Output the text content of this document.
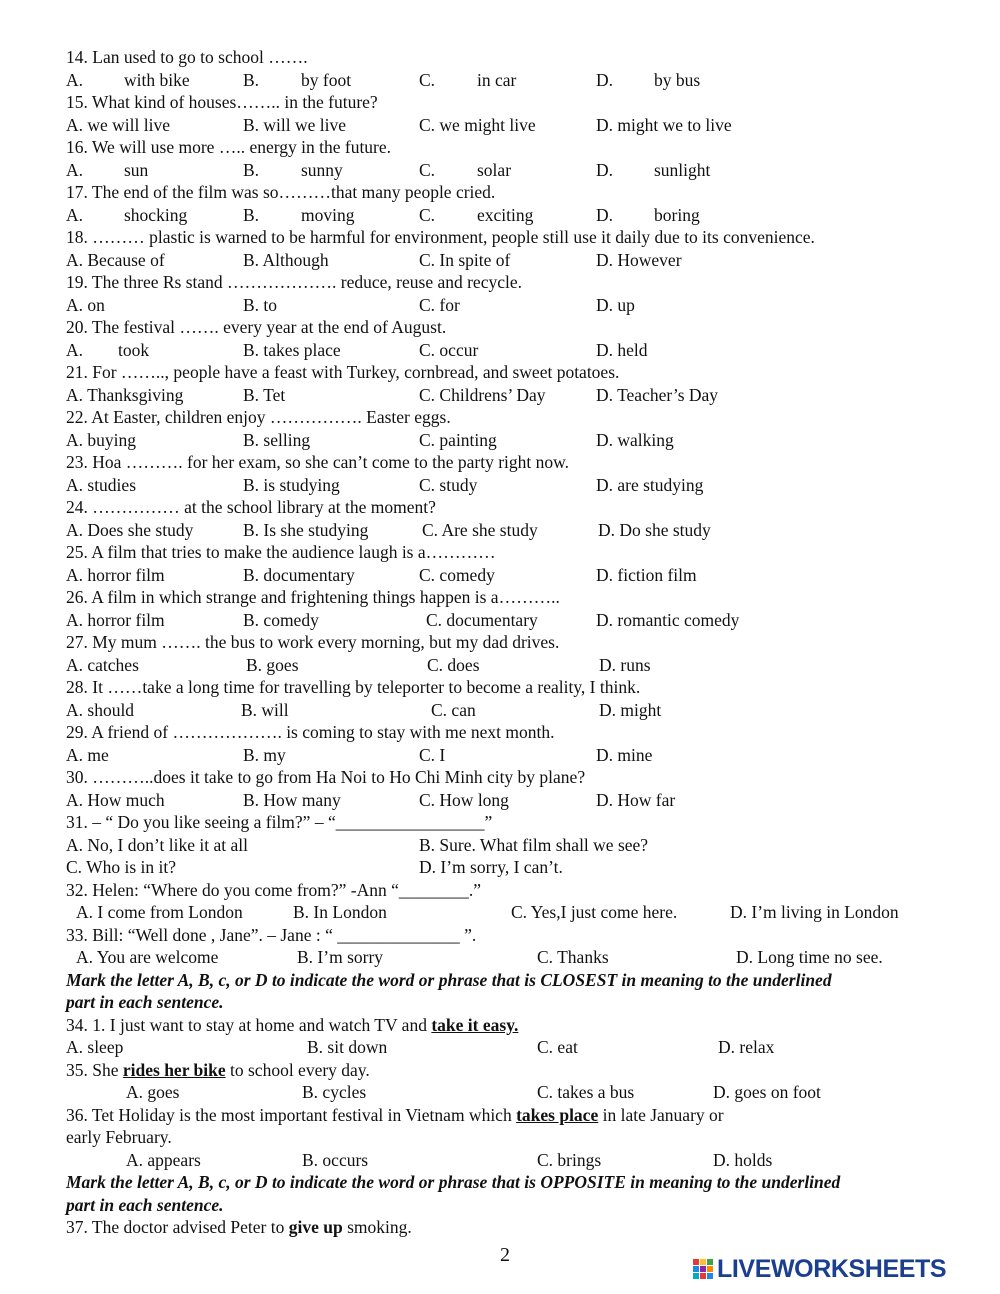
14. Lan used to go to school …….
A. with bike	B. by foot	C. in car	D. by bus
15. What kind of houses…….. in the future?
A. we will live	B. will we live	C. we might live	D. might we to live
16. We will use more ….. energy in the future.
A. sun	B. sunny	C. solar	D. sunlight
17. The end of the film was so………that many people cried.
A. shocking	B. moving	C. exciting	D. boring
18. ……… plastic is warned to be harmful for environment, people still use it daily due to its convenience.
A. Because of	B. Although	C. In spite of	D. However
19. The three Rs stand ………………. reduce, reuse and recycle.
A. on	B. to	C. for	D. up
20. The festival ……. every year at the end of August.
A.        took	B. takes place	C. occur	D. held
21. For …….., people have a feast with Turkey, cornbread, and sweet potatoes.
A. Thanksgiving	B. Tet	C. Childrens’ Day	D. Teacher’s Day
22. At Easter, children enjoy ……………. Easter eggs.
A. buying	B. selling	C. painting	D. walking
23. Hoa ………. for her exam, so she can’t come to the party right now.
A. studies	B. is studying	C. study	D. are studying
24. …………… at the school library at the moment?
A. Does she study	B. Is she studying	C. Are she study	D. Do she study
25. A film that tries to make the audience laugh is a…………
A. horror film	B. documentary	C. comedy	D. fiction film
26. A film in which strange and frightening things happen is a………..
A. horror film	B. comedy	C. documentary	D. romantic comedy
27. My mum ……. the bus to work every morning, but my dad drives.
A. catches	B. goes	C. does	D. runs
28. It ……take a long time for travelling by teleporter to become a reality, I think.
A. should	B. will	C. can	D. might
29. A friend of ………………. is coming to stay with me next month.
A. me	B. my	C. I	D. mine
30. ………..does it take to go from Ha Noi to Ho Chi Minh city by plane?
A. How much	B. How many	C. How long	D. How far
31. – “ Do you like seeing a film?” – “_________________”
A. No, I don’t like it at all	B. Sure. What film shall we see?
C. Who is in it?	D. I’m sorry, I can’t.
32. Helen: “Where do you come from?” -Ann “________.”
A. I come from London	B. In London	C. Yes,I just come here.	D. I’m living in London
33. Bill: “Well done , Jane”. – Jane : “ ______________ ”.
A. You are welcome	B. I’m sorry	C. Thanks	D. Long time no see.
Mark the letter A, B, c, or D to indicate the word or phrase that is CLOSEST in meaning to the underlined
part in each sentence.
34. 1. I just want to stay at home and watch TV and take it easy.
A. sleep	B. sit down	C. eat	D. relax
35. She rides her bike to school every day.
A. goes	B. cycles	C. takes a bus	D. goes on foot
36. Tet Holiday is the most important festival in Vietnam which takes place in late January or
early February.
A. appears	B. occurs	C. brings	D. holds
Mark the letter A, B, c, or D to indicate the word or phrase that is OPPOSITE in meaning to the underlined
part in each sentence.
37. The doctor advised Peter to give up smoking.
2	LIVEWORKSHEETS
